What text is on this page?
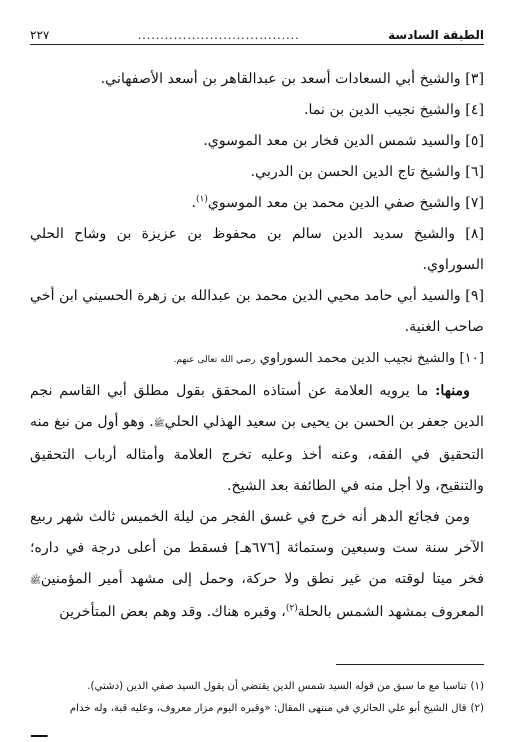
الطبقة السادسة
....................................
٢٢٧

[٣] والشيخ أبي السعادات أسعد بن عبدالقاهر بن أسعد الأصفهاني.

[٤] والشيخ نجيب الدين بن نما.

[٥] والسيد شمس الدين فخار بن معد الموسوي.

[٦] والشيخ تاج الدين الحسن بن الدربي.

[٧] والشيخ صفي الدين محمد بن معد الموسوي$^{(١)}$.

[٨] والشيخ سديد الدين سالم بن محفوظ بن عزيزة بن وشاح الحلي السوراوي.

[٩] والسيد أبي حامد محيي الدين محمد بن عبدالله بن زهرة الحسيني ابن أخي صاحب الغنية.

[١٠] والشيخ نجيب الدين محمد السوراوي رضي الله تعالى عنهم.

ومنها: ما يرويه العلامة عن أستاذه المحقق بقول مطلق أبي القاسم نجم الدين جعفر بن الحسن بن يحيى بن سعيد الهذلي الحليﷺ. وهو أول من نبغ منه التحقيق في الفقه، وعنه أخذ وعليه تخرج العلامة وأمثاله أرباب التحقيق والتنقيح، ولا أجل منه في الطائفة بعد الشيخ.

ومن فجائع الدهر أنه خرج في غسق الفجر من ليلة الخميس ثالث شهر ربيع الآخر سنة ست وسبعين وستمائة [٦٧٦هـ] فسقط من أعلى درجة في داره؛ فخر ميتا لوقته من غير نطق ولا حركة، وحمل إلى مشهد أمير المؤمنينﷺ المعروف بمشهد الشمس بالحلة$^{(٢)}$، وقبره هناك. وقد وهم بعض المتأخرين

(١)تناسبا مع ما سبق من قوله السيد شمس الدين يقتضي أن يقول السيد صفي الدين (دشتي).

(٢)قال الشيخ أبو علي الحائري في منتهى المقال: «وقبره اليوم مزار معروف، وعليه قبة، وله خدام

ـــ
